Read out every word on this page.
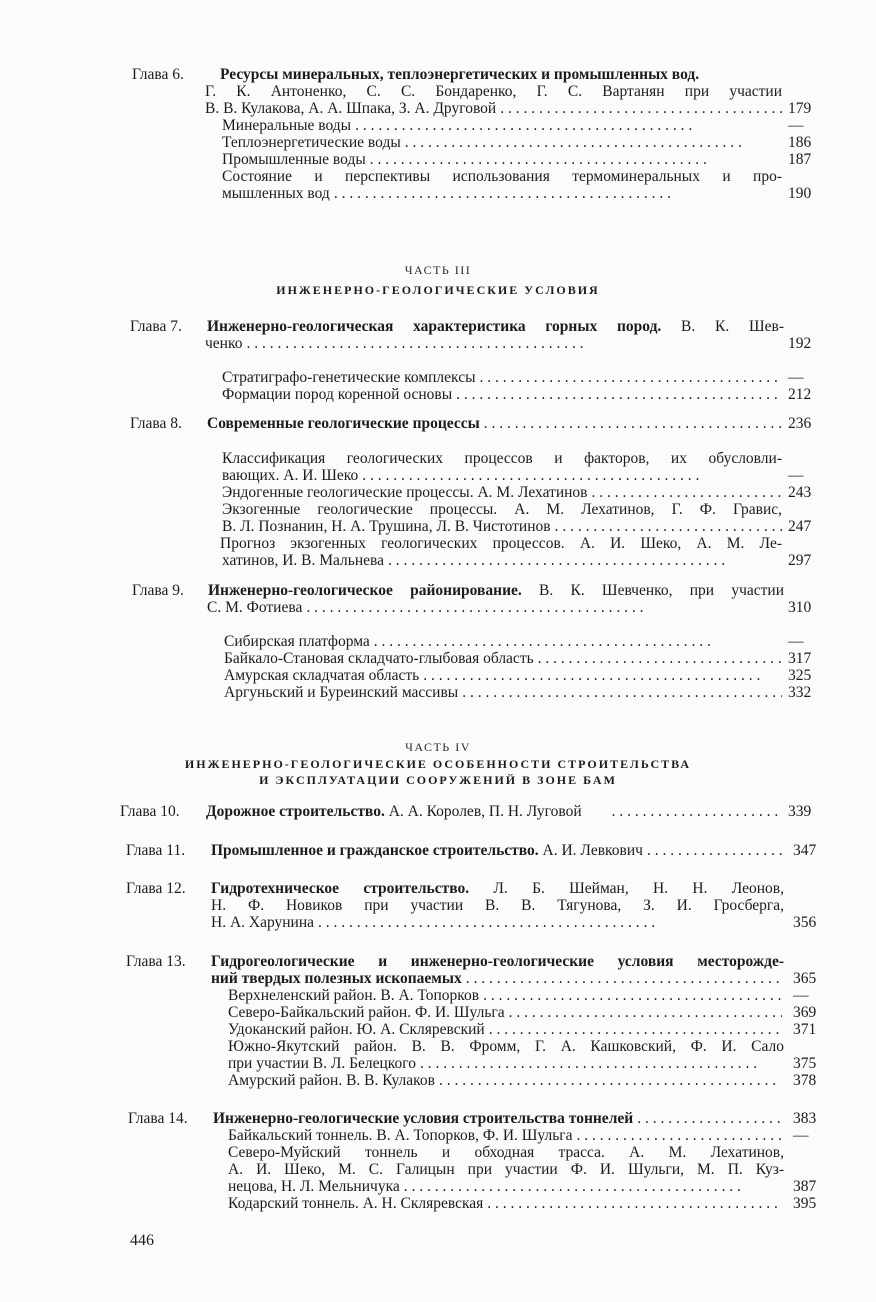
Глава 6. Ресурсы минеральных, теплоэнергетических и промышленных вод.
Г. К. Антоненко, С. С. Бондаренко, Г. С. Вартанян при участии
В. В. Кулакова, А. А. Шпака, З. А. Друговой . .	179
Минеральные воды . .	—
Теплоэнергетические воды . .	186
Промышленные воды . .	187
Состояние и перспективы использования термоминеральных и про-
мышленных вод . .	190
ЧАСТЬ III
ИНЖЕНЕРНО-ГЕОЛОГИЧЕСКИЕ УСЛОВИЯ
Глава 7. Инженерно-геологическая характеристика горных пород. В. К. Шев-
ченко . .	192
Стратиграфо-генетические комплексы . .	—
Формации пород коренной основы . .	212
Глава 8. Современные геологические процессы . .	236
Классификация геологических процессов и факторов, их обусловли-
вающих. А. И. Шеко . .	—
Эндогенные геологические процессы. А. М. Лехатинов . .	243
Экзогенные геологические процессы. А. М. Лехатинов, Г. Ф. Гравис,
В. Л. Познанин, Н. А. Трушина, Л. В. Чистотинов . .	247
Прогноз экзогенных геологических процессов. А. И. Шеко, А. М. Ле-
хатинов, И. В. Мальнева . .	297
Глава 9. Инженерно-геологическое районирование. В. К. Шевченко, при участии
С. М. Фотиева . .	310
Сибирская платформа . .	—
Байкало-Становая складчато-глыбовая область . .	317
Амурская складчатая область . .	325
Аргуньский и Буреинский массивы . .	332
ЧАСТЬ IV
ИНЖЕНЕРНО-ГЕОЛОГИЧЕСКИЕ ОСОБЕННОСТИ СТРОИТЕЛЬСТВА
И ЭКСПЛУАТАЦИИ СООРУЖЕНИЙ В ЗОНЕ БАМ
Глава 10. Дорожное строительство. А. А. Королев, П. Н. Луговой . .	339
Глава 11. Промышленное и гражданское строительство. А. И. Левкович . .	347
Глава 12. Гидротехническое строительство. Л. Б. Шейман, Н. Н. Леонов,
Н. Ф. Новиков при участии В. В. Тягунова, З. И. Гросберга,
Н. А. Харунина . .	356
Глава 13. Гидрогеологические и инженерно-геологические условия месторожде-
ний твердых полезных ископаемых . .	365
Верхнеленский район. В. А. Топорков . .	—
Северо-Байкальский район. Ф. И. Шульга . .	369
Удоканский район. Ю. А. Скляревский . .	371
Южно-Якутский район. В. В. Фромм, Г. А. Кашковский, Ф. И. Сало
при участии В. Л. Белецкого . .	375
Амурский район. В. В. Кулаков . .	378
Глава 14. Инженерно-геологические условия строительства тоннелей . .	383
Байкальский тоннель. В. А. Топорков, Ф. И. Шульга . .	—
Северо-Муйский тоннель и обходная трасса. А. М. Лехатинов,
А. И. Шеко, М. С. Галицын при участии Ф. И. Шульги, М. П. Куз-
нецова, Н. Л. Мельничука . .	387
Кодарский тоннель. А. Н. Скляревская . .	395
446
